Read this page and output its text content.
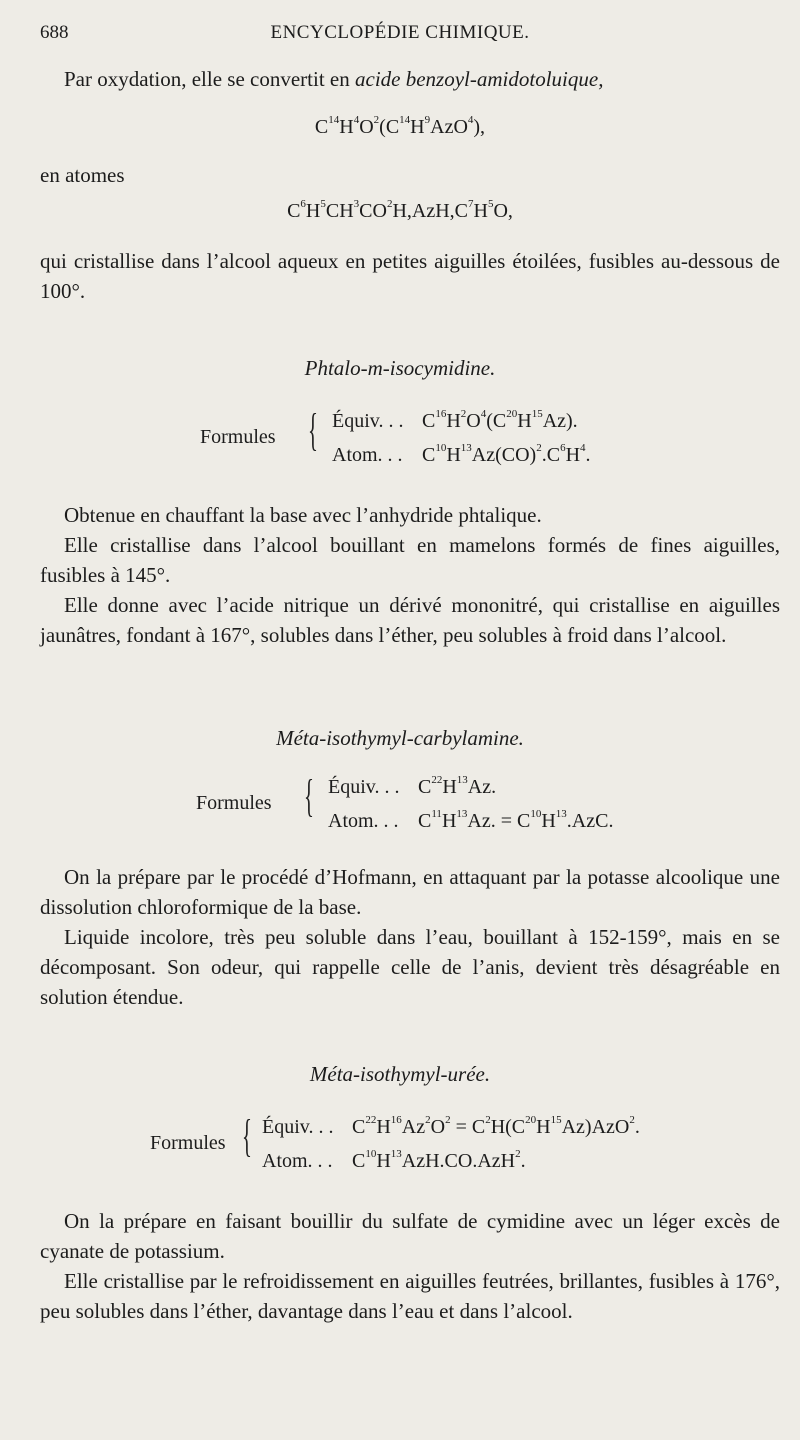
688	ENCYCLOPÉDIE CHIMIQUE.

Par oxydation, elle se convertit en acide benzoyl-amidotoluique,

$C^{14}H^4O^2(C^{14}H^9AzO^4)$,

en atomes

$C^6H^5CH^3CO^2H,AzH,C^7H^5O$,

qui cristallise dans l’alcool aqueux en petites aiguilles étoilées, fusibles au-dessous de 100°.

Phtalo-m-isocymidine.
Formules { Équiv. . . $C^{16}H^2O^4(C^{20}H^{15}Az)$.
Atom. . . $C^{10}H^{13}Az(CO)^2.C^6H^4$.

Obtenue en chauffant la base avec l’anhydride phtalique.

Elle cristallise dans l’alcool bouillant en mamelons formés de fines aiguilles, fusibles à 145°.

Elle donne avec l’acide nitrique un dérivé mononitré, qui cristallise en aiguilles jaunâtres, fondant à 167°, solubles dans l’éther, peu solubles à froid dans l’alcool.

Méta-isothymyl-carbylamine.
Formules { Équiv. . . $C^{22}H^{13}Az$.
Atom. . . $C^{11}H^{13}Az$. = $C^{10}H^{13}.AzC$.

On la prépare par le procédé d’Hofmann, en attaquant par la potasse alcoolique une dissolution chloroformique de la base.

Liquide incolore, très peu soluble dans l’eau, bouillant à 152-159°, mais en se décomposant. Son odeur, qui rappelle celle de l’anis, devient très désagréable en solution étendue.

Méta-isothymyl-urée.
Formules { Équiv. . . $C^{22}H^{16}Az^2O^2 = C^2H(C^{20}H^{15}Az)AzO^2$.
Atom. . . $C^{10}H^{13}AzH.CO.AzH^2$.

On la prépare en faisant bouillir du sulfate de cymidine avec un léger excès de cyanate de potassium.

Elle cristallise par le refroidissement en aiguilles feutrées, brillantes, fusibles à 176°, peu solubles dans l’éther, davantage dans l’eau et dans l’alcool.
